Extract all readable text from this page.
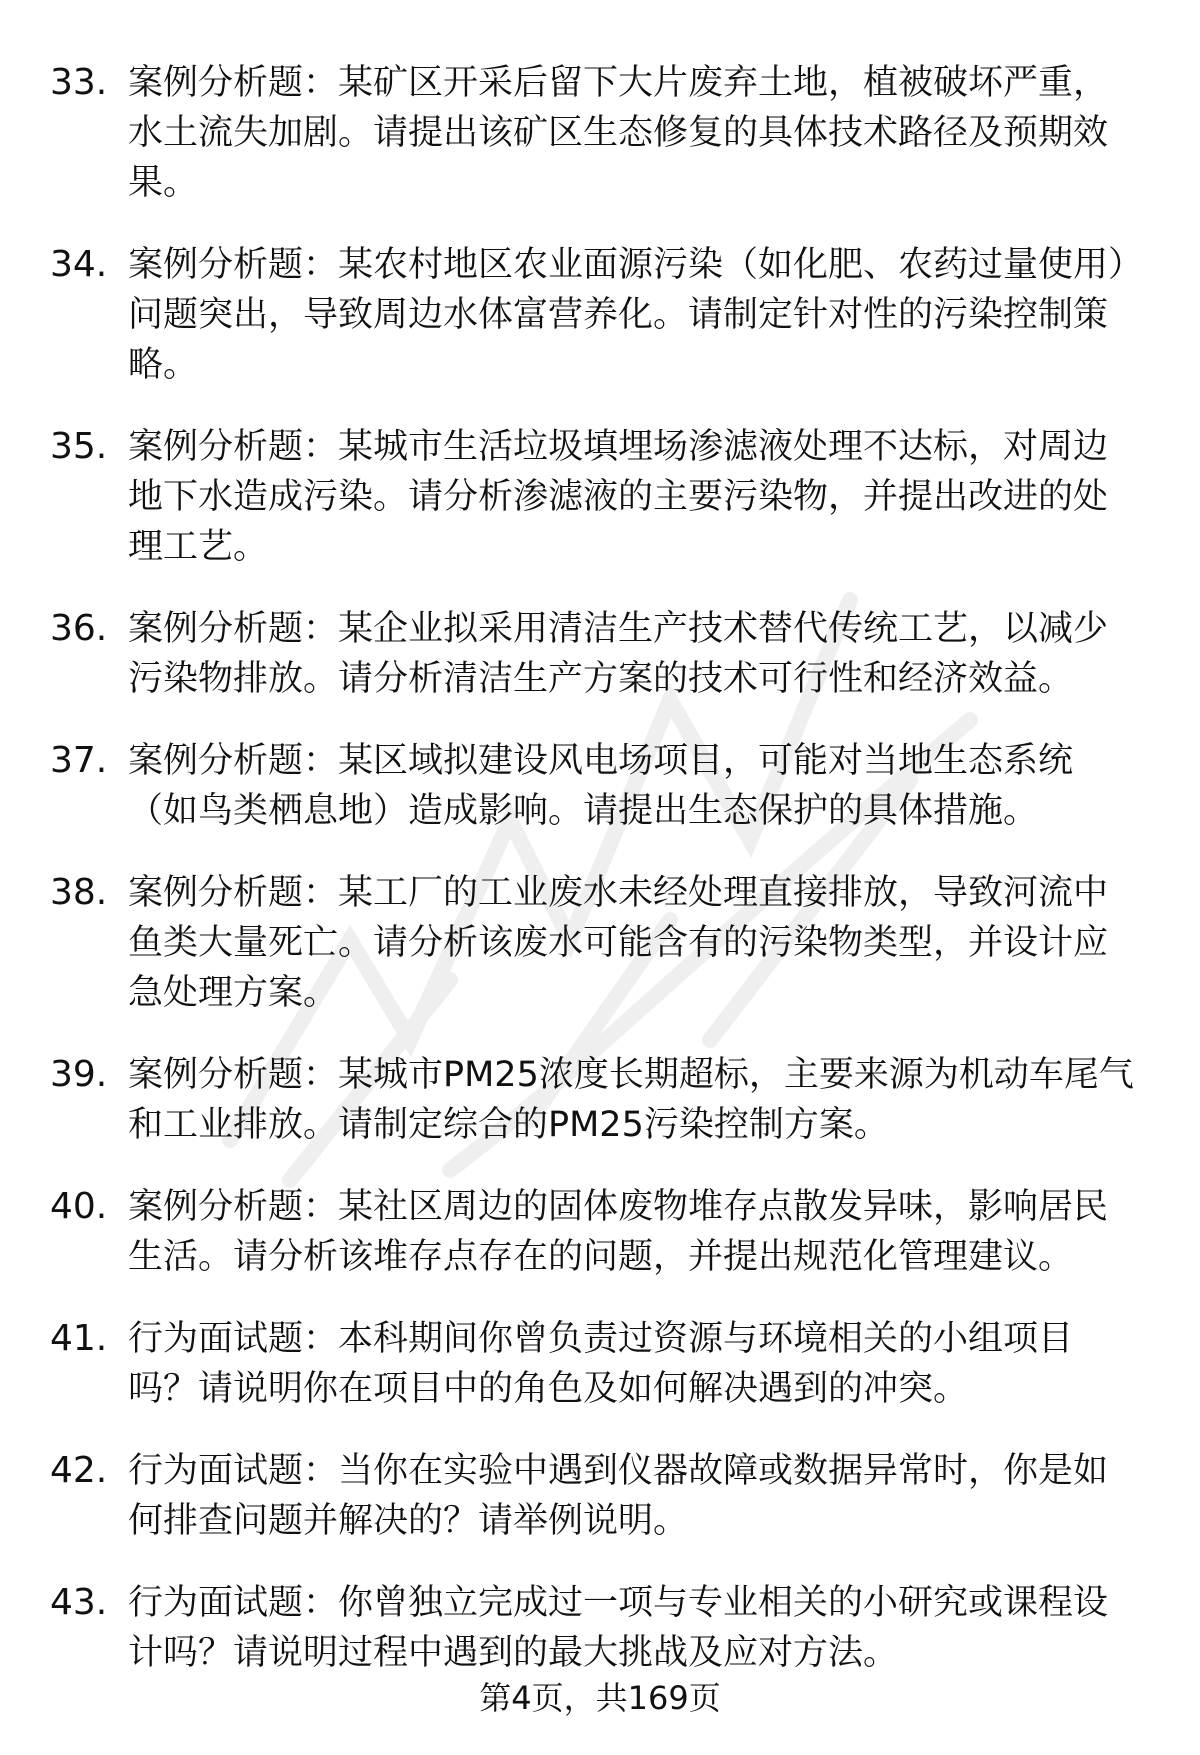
33. 案例分析题：某矿区开采后留下大片废弃土地，植被破坏严重，水土流失加剧。请提出该矿区生态修复的具体技术路径及预期效果。
34. 案例分析题：某农村地区农业面源污染（如化肥、农药过量使用）问题突出，导致周边水体富营养化。请制定针对性的污染控制策略。
35. 案例分析题：某城市生活垃圾填埋场渗滤液处理不达标，对周边地下水造成污染。请分析渗滤液的主要污染物，并提出改进的处理工艺。
36. 案例分析题：某企业拟采用清洁生产技术替代传统工艺，以减少污染物排放。请分析清洁生产方案的技术可行性和经济效益。
37. 案例分析题：某区域拟建设风电场项目，可能对当地生态系统（如鸟类栖息地）造成影响。请提出生态保护的具体措施。
38. 案例分析题：某工厂的工业废水未经处理直接排放，导致河流中鱼类大量死亡。请分析该废水可能含有的污染物类型，并设计应急处理方案。
39. 案例分析题：某城市PM25浓度长期超标，主要来源为机动车尾气和工业排放。请制定综合的PM25污染控制方案。
40. 案例分析题：某社区周边的固体废物堆存点散发异味，影响居民生活。请分析该堆存点存在的问题，并提出规范化管理建议。
41. 行为面试题：本科期间你曾负责过资源与环境相关的小组项目吗？请说明你在项目中的角色及如何解决遇到的冲突。
42. 行为面试题：当你在实验中遇到仪器故障或数据异常时，你是如何排查问题并解决的？请举例说明。
43. 行为面试题：你曾独立完成过一项与专业相关的小研究或课程设计吗？请说明过程中遇到的最大挑战及应对方法。
第4页，共169页
